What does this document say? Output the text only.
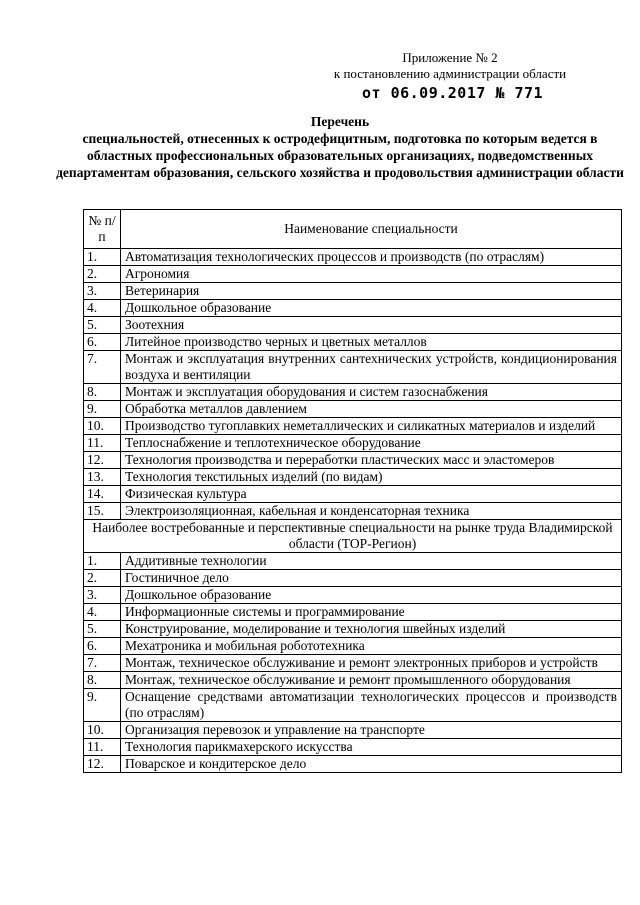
Приложение № 2
к постановлению администрации области
от 06.09.2017 № 771
Перечень
специальностей, отнесенных к остродефицитным, подготовка по которым ведется в областных профессиональных образовательных организациях, подведомственных департаментам образования, сельского хозяйства и продовольствия администрации области
№ п/п	Наименование специальности
1.	Автоматизация технологических процессов и производств (по отраслям)
2.	Агрономия
3.	Ветеринария
4.	Дошкольное образование
5.	Зоотехния
6.	Литейное производство черных и цветных металлов
7.	Монтаж и эксплуатация внутренних сантехнических устройств, кондиционирования воздуха и вентиляции
8.	Монтаж и эксплуатация оборудования и систем газоснабжения
9.	Обработка металлов давлением
10.	Производство тугоплавких неметаллических и силикатных материалов и изделий
11.	Теплоснабжение и теплотехническое оборудование
12.	Технология производства и переработки пластических масс и эластомеров
13.	Технология текстильных изделий (по видам)
14.	Физическая культура
15.	Электроизоляционная, кабельная и конденсаторная техника
Наиболее востребованные и перспективные специальности на рынке труда Владимирской области (ТОР-Регион)	
1.	Аддитивные технологии
2.	Гостиничное дело
3.	Дошкольное образование
4.	Информационные системы и программирование
5.	Конструирование, моделирование и технология швейных изделий
6.	Мехатроника и мобильная робототехника
7.	Монтаж, техническое обслуживание и ремонт электронных приборов и устройств
8.	Монтаж, техническое обслуживание и ремонт промышленного оборудования
9.	Оснащение средствами автоматизации технологических процессов и производств (по отраслям)
10.	Организация перевозок и управление на транспорте
11.	Технология парикмахерского искусства
12.	Поварское и кондитерское дело
